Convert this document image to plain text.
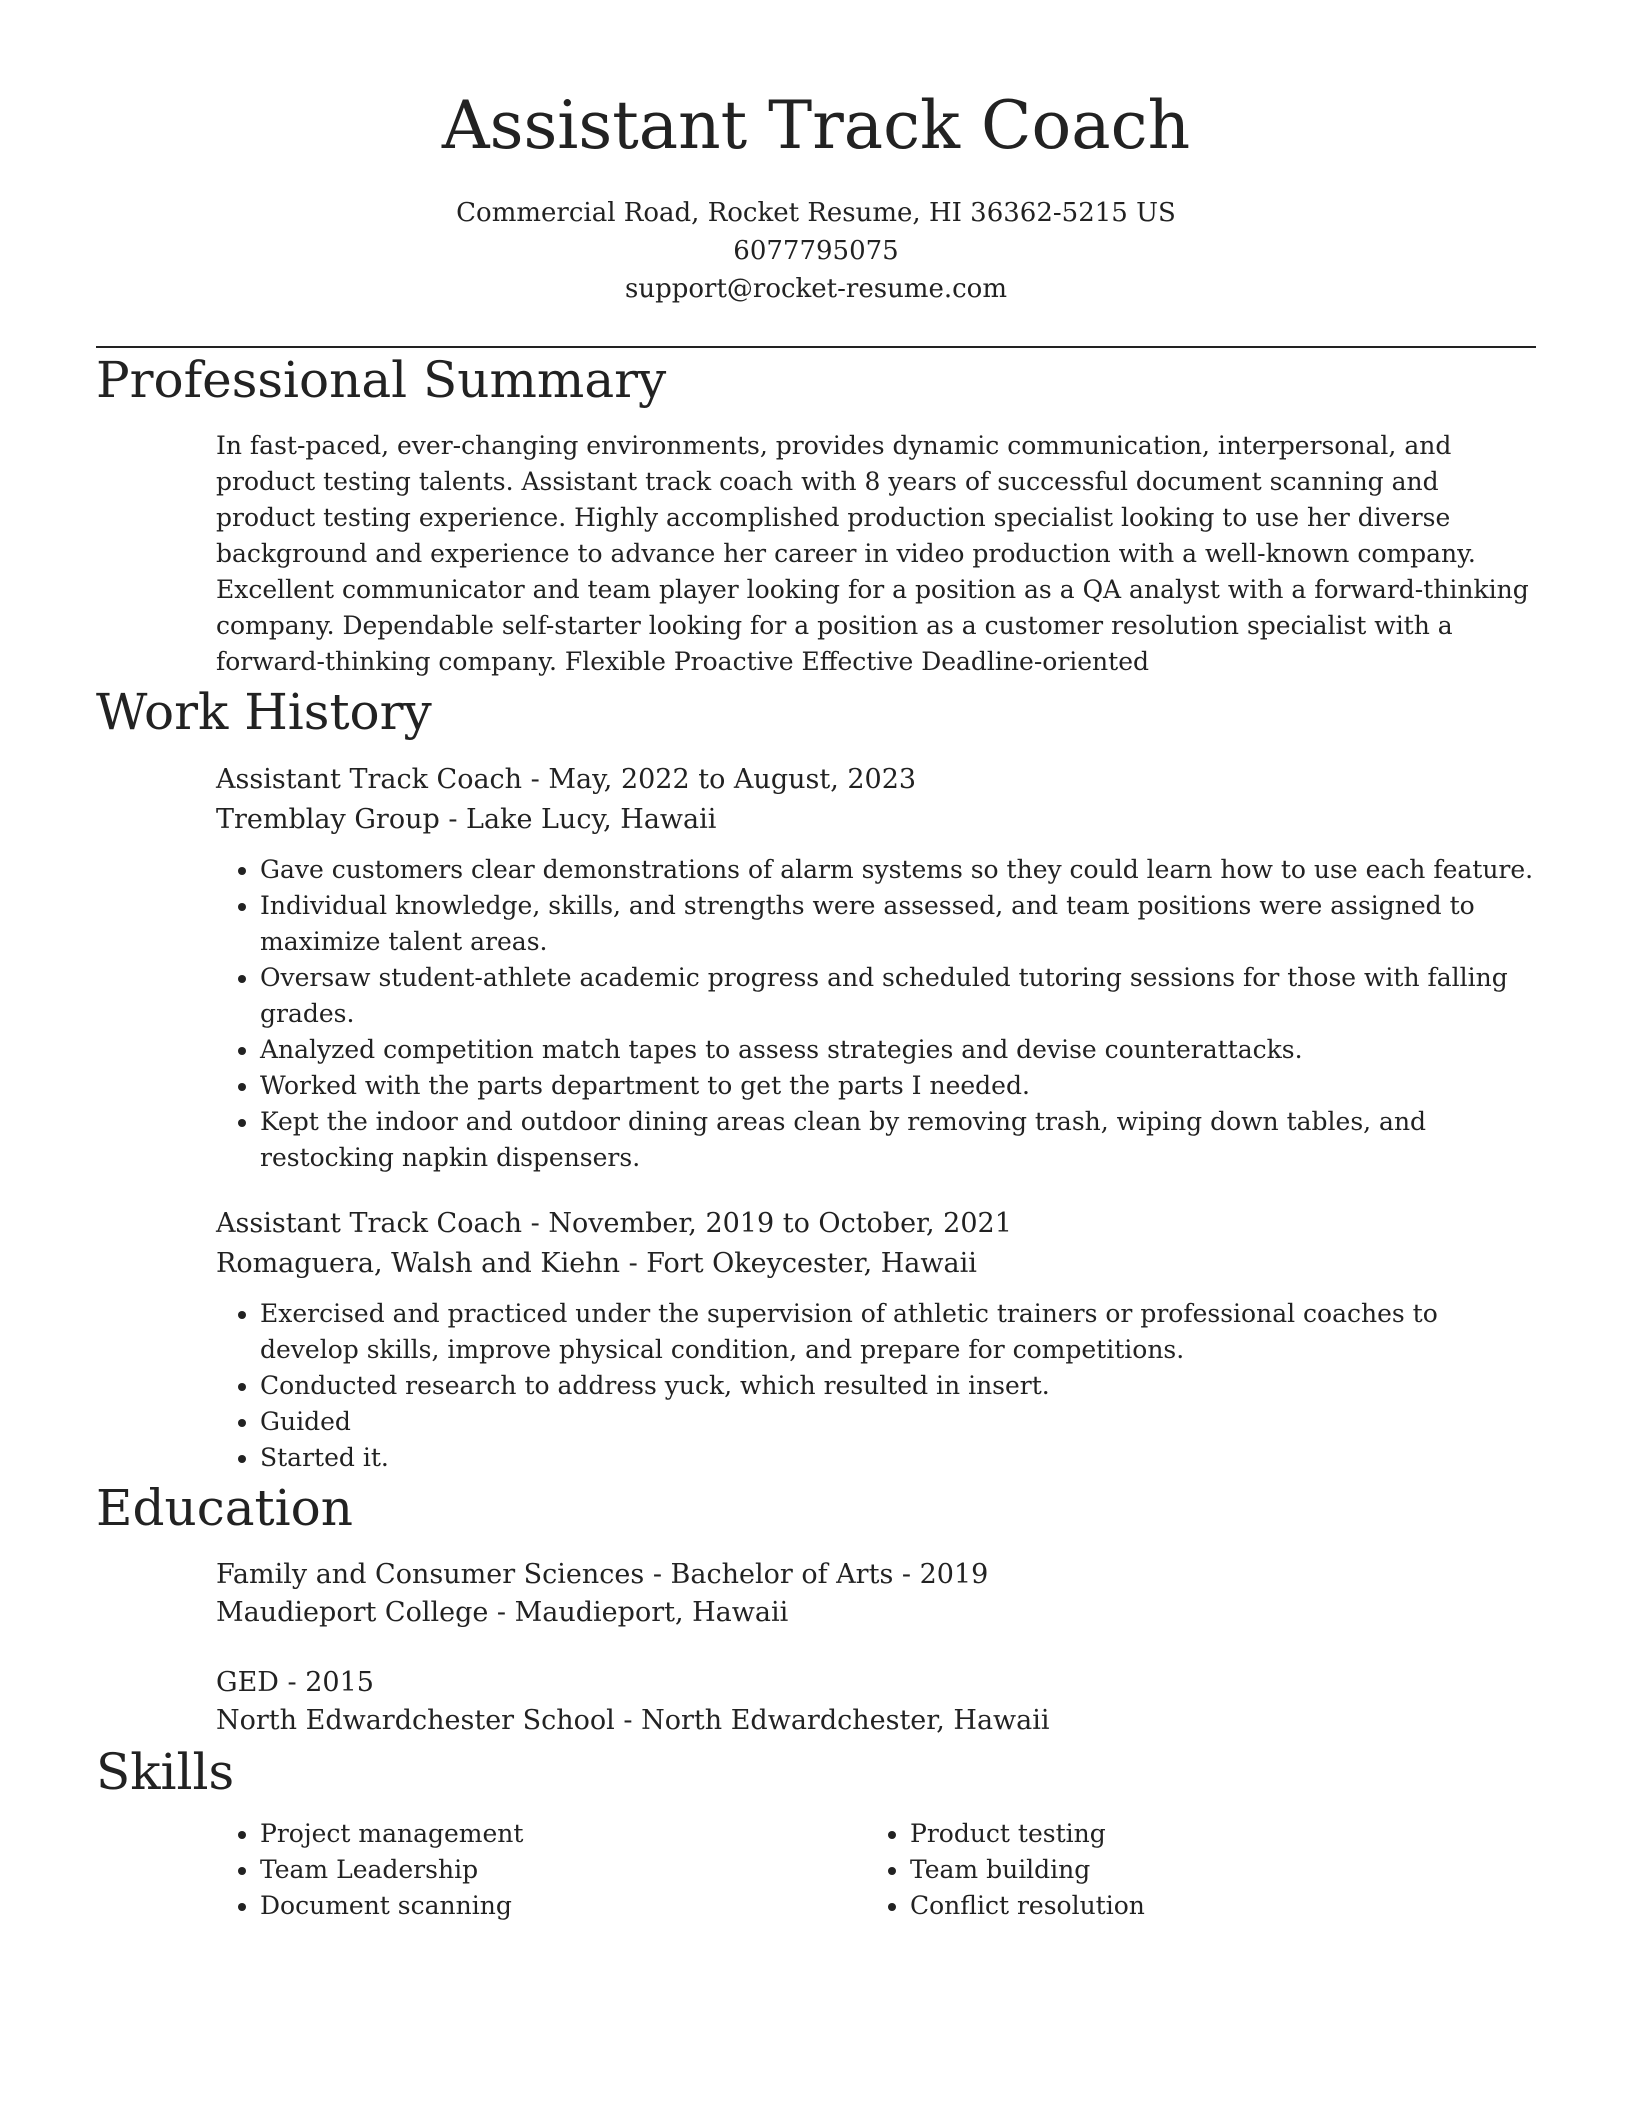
Assistant Track Coach
Commercial Road, Rocket Resume, HI 36362-5215 US
6077795075
support@rocket-resume.com
Professional Summary
In fast-paced, ever-changing environments, provides dynamic communication, interpersonal, and product testing talents. Assistant track coach with 8 years of successful document scanning and product testing experience. Highly accomplished production specialist looking to use her diverse background and experience to advance her career in video production with a well-known company. Excellent communicator and team player looking for a position as a QA analyst with a forward-thinking company. Dependable self-starter looking for a position as a customer resolution specialist with a forward-thinking company. Flexible Proactive Effective Deadline-oriented
Work History
Assistant Track Coach - May, 2022 to August, 2023
Tremblay Group - Lake Lucy, Hawaii
• Gave customers clear demonstrations of alarm systems so they could learn how to use each feature.
• Individual knowledge, skills, and strengths were assessed, and team positions were assigned to maximize talent areas.
• Oversaw student-athlete academic progress and scheduled tutoring sessions for those with falling grades.
• Analyzed competition match tapes to assess strategies and devise counterattacks.
• Worked with the parts department to get the parts I needed.
• Kept the indoor and outdoor dining areas clean by removing trash, wiping down tables, and restocking napkin dispensers.
Assistant Track Coach - November, 2019 to October, 2021
Romaguera, Walsh and Kiehn - Fort Okeycester, Hawaii
• Exercised and practiced under the supervision of athletic trainers or professional coaches to develop skills, improve physical condition, and prepare for competitions.
• Conducted research to address yuck, which resulted in insert.
• Guided
• Started it.
Education
Family and Consumer Sciences - Bachelor of Arts - 2019
Maudieport College - Maudieport, Hawaii
GED - 2015
North Edwardchester School - North Edwardchester, Hawaii
Skills
• Project management
• Team Leadership
• Document scanning
• Product testing
• Team building
• Conflict resolution
